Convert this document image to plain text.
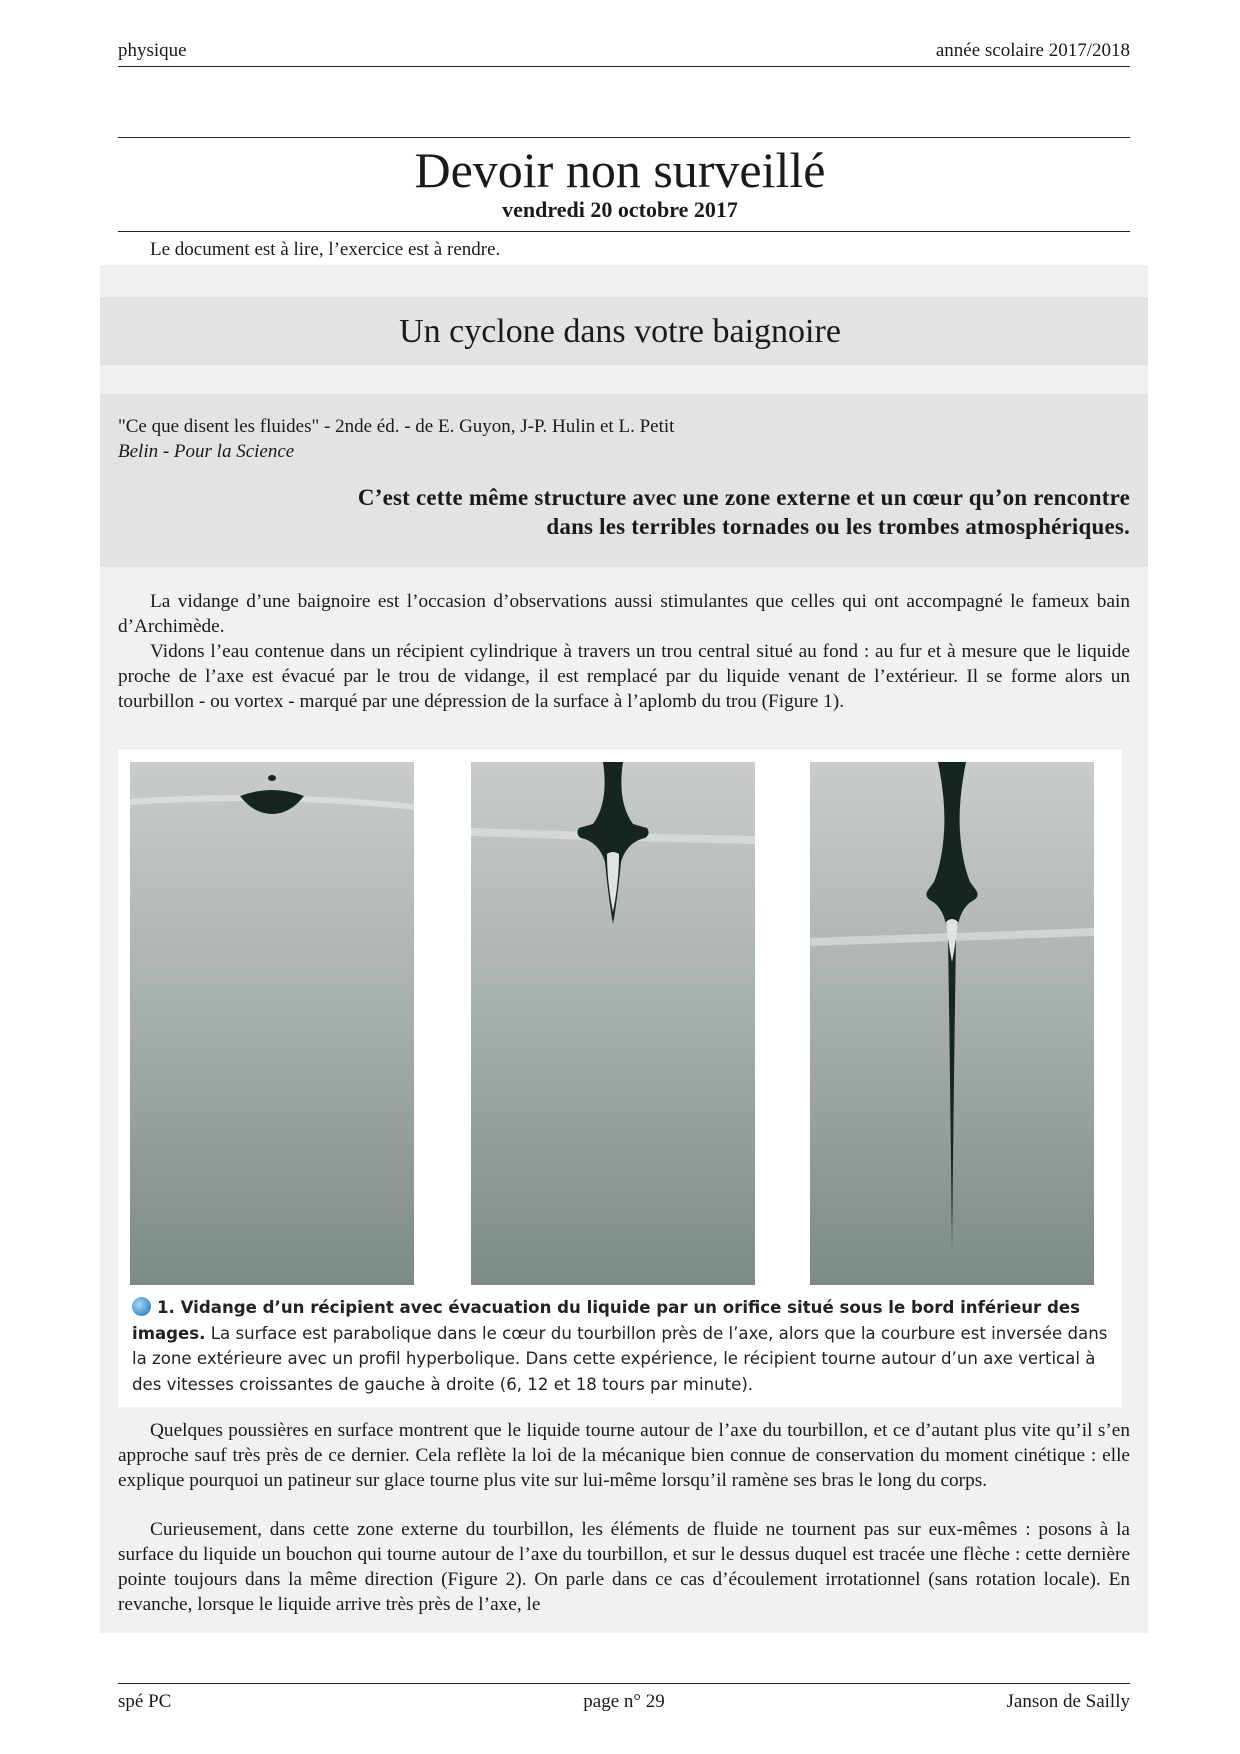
physique	année scolaire 2017/2018
Devoir non surveillé
vendredi 20 octobre 2017
Le document est à lire, l’exercice est à rendre.
Un cyclone dans votre baignoire
"Ce que disent les fluides" - 2nde éd. - de E. Guyon, J-P. Hulin et L. Petit
Belin - Pour la Science
C’est cette même structure avec une zone externe et un cœur qu’on rencontre
dans les terribles tornades ou les trombes atmosphériques.

La vidange d’une baignoire est l’occasion d’observations aussi stimulantes que celles qui ont accompagné le fameux bain d’Archimède.

Vidons l’eau contenue dans un récipient cylindrique à travers un trou central situé au fond : au fur et à mesure que le liquide proche de l’axe est évacué par le trou de vidange, il est remplacé par du liquide venant de l’extérieur. Il se forme alors un tourbillon - ou vortex - marqué par une dépression de la surface à l’aplomb du trou (Figure 1).

1. Vidange d’un récipient avec évacuation du liquide par un orifice situé sous le bord inférieur des images. La surface est parabolique dans le cœur du tourbillon près de l’axe, alors que la courbure est inversée dans la zone extérieure avec un profil hyperbolique. Dans cette expérience, le récipient tourne autour d’un axe vertical à des vitesses croissantes de gauche à droite (6, 12 et 18 tours par minute).

Quelques poussières en surface montrent que le liquide tourne autour de l’axe du tourbillon, et ce d’autant plus vite qu’il s’en approche sauf très près de ce dernier. Cela reflète la loi de la mécanique bien connue de conservation du moment cinétique : elle explique pourquoi un patineur sur glace tourne plus vite sur lui-même lorsqu’il ramène ses bras le long du corps.

Curieusement, dans cette zone externe du tourbillon, les éléments de fluide ne tournent pas sur eux-mêmes : posons à la surface du liquide un bouchon qui tourne autour de l’axe du tourbillon, et sur le dessus duquel est tracée une flèche : cette dernière pointe toujours dans la même direction (Figure 2). On parle dans ce cas d’écoulement irrotationnel (sans rotation locale). En revanche, lorsque le liquide arrive très près de l’axe, le

spé PC	page n° 29	Janson de Sailly
